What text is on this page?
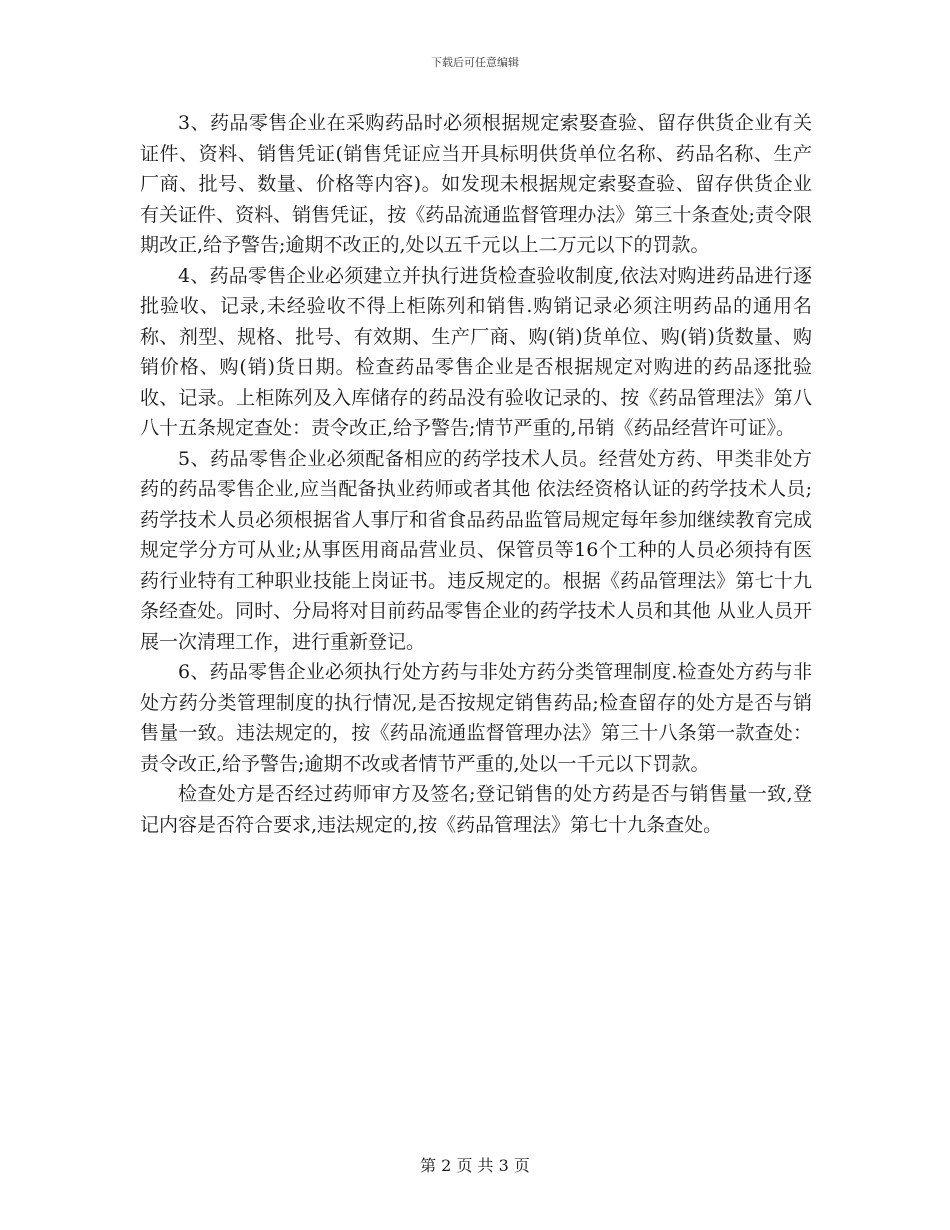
下载后可任意编辑

3、药品零售企业在采购药品时必须根据规定索娶查验、留存供货企业有关证件、资料、销售凭证(销售凭证应当开具标明供货单位名称、药品名称、生产厂商、批号、数量、价格等内容)。如发现未根据规定索娶查验、留存供货企业有关证件、资料、销售凭证，按《药品流通监督管理办法》第三十条查处;责令限期改正,给予警告;逾期不改正的,处以五千元以上二万元以下的罚款。

4、药品零售企业必须建立并执行进货检查验收制度,依法对购进药品进行逐批验收、记录,未经验收不得上柜陈列和销售.购销记录必须注明药品的通用名称、剂型、规格、批号、有效期、生产厂商、购(销)货单位、购(销)货数量、购销价格、购(销)货日期。检查药品零售企业是否根据规定对购进的药品逐批验收、记录。上柜陈列及入库储存的药品没有验收记录的、按《药品管理法》第八八十五条规定查处：责令改正,给予警告;情节严重的,吊销《药品经营许可证》。

5、药品零售企业必须配备相应的药学技术人员。经营处方药、甲类非处方药的药品零售企业,应当配备执业药师或者其他 依法经资格认证的药学技术人员;药学技术人员必须根据省人事厅和省食品药品监管局规定每年参加继续教育完成规定学分方可从业;从事医用商品营业员、保管员等16个工种的人员必须持有医药行业特有工种职业技能上岗证书。违反规定的。根据《药品管理法》第七十九条经查处。同时、分局将对目前药品零售企业的药学技术人员和其他 从业人员开展一次清理工作，进行重新登记。

6、药品零售企业必须执行处方药与非处方药分类管理制度.检查处方药与非处方药分类管理制度的执行情况,是否按规定销售药品;检查留存的处方是否与销售量一致。违法规定的，按《药品流通监督管理办法》第三十八条第一款查处：责令改正,给予警告;逾期不改或者情节严重的,处以一千元以下罚款。

检查处方是否经过药师审方及签名;登记销售的处方药是否与销售量一致,登记内容是否符合要求,违法规定的,按《药品管理法》第七十九条查处。

第 2 页 共 3 页
